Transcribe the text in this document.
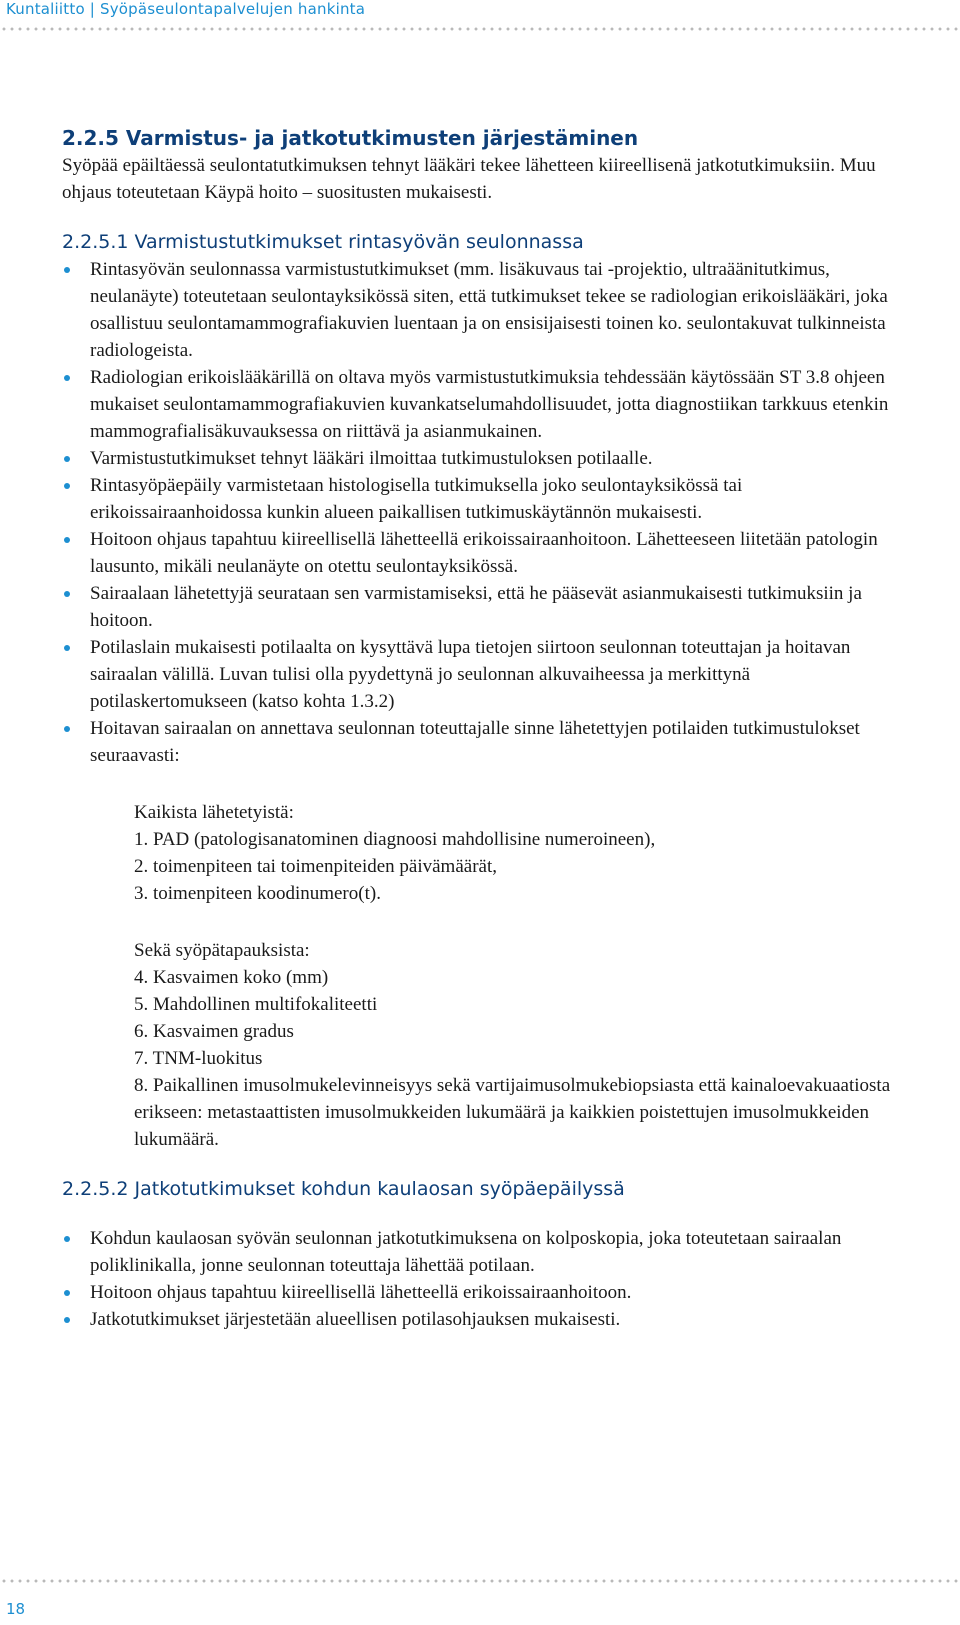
Kuntaliitto | Syöpäseulontapalvelujen hankinta
2.2.5 Varmistus- ja jatkotutkimusten järjestäminen

Syöpää epäiltäessä seulontatutkimuksen tehnyt lääkäri tekee lähetteen kiireellisenä jatkotutkimuksiin. Muu ohjaus toteutetaan Käypä hoito – suositusten mukaisesti.

2.2.5.1 Varmistustutkimukset rintasyövän seulonnassa
Rintasyövän seulonnassa varmistustutkimukset (mm. lisäkuvaus tai -projektio, ultraäänitutkimus, neulanäyte) toteutetaan seulontayksikössä siten, että tutkimukset tekee se radiologian erikoislääkäri, joka osallistuu seulontamammografiakuvien luentaan ja on ensisijaisesti toinen ko. seulontakuvat tulkinneista radiologeista.
Radiologian erikoislääkärillä on oltava myös varmistustutkimuksia tehdessään käytössään ST 3.8 ohjeen mukaiset seulontamammografiakuvien kuvankatselumahdollisuudet, jotta diagnostiikan tarkkuus etenkin mammografialisäkuvauksessa on riittävä ja asianmukainen.
Varmistustutkimukset tehnyt lääkäri ilmoittaa tutkimustuloksen potilaalle.
Rintasyöpäepäily varmistetaan histologisella tutkimuksella joko seulontayksikössä tai erikoissairaanhoidossa kunkin alueen paikallisen tutkimuskäytännön mukaisesti.
Hoitoon ohjaus tapahtuu kiireellisellä lähetteellä erikoissairaanhoitoon. Lähetteeseen liitetään patologin lausunto, mikäli neulanäyte on otettu seulontayksikössä.
Sairaalaan lähetettyjä seurataan sen varmistamiseksi, että he pääsevät asianmukaisesti tutkimuksiin ja hoitoon.
Potilaslain mukaisesti potilaalta on kysyttävä lupa tietojen siirtoon seulonnan toteuttajan ja hoitavan sairaalan välillä. Luvan tulisi olla pyydettynä jo seulonnan alkuvaiheessa ja merkittynä potilaskertomukseen (katso kohta 1.3.2)
Hoitavan sairaalan on annettava seulonnan toteuttajalle sinne lähetettyjen potilaiden tutkimustulokset seuraavasti:

Kaikista lähetetyistä:

1. PAD (patologisanatominen diagnoosi mahdollisine numeroineen),

2. toimenpiteen tai toimenpiteiden päivämäärät,

3. toimenpiteen koodinumero(t).

Sekä syöpätapauksista:

4. Kasvaimen koko (mm)

5. Mahdollinen multifokaliteetti

6. Kasvaimen gradus

7. TNM-luokitus

8. Paikallinen imusolmukelevinneisyys sekä vartijaimusolmukebiopsiasta että kainaloevakuaatiosta erikseen: metastaattisten imusolmukkeiden lukumäärä ja kaikkien poistettujen imusolmukkeiden lukumäärä.

2.2.5.2 Jatkotutkimukset kohdun kaulaosan syöpäepäilyssä
Kohdun kaulaosan syövän seulonnan jatkotutkimuksena on kolposkopia, joka toteutetaan sairaalan poliklinikalla, jonne seulonnan toteuttaja lähettää potilaan.
Hoitoon ohjaus tapahtuu kiireellisellä lähetteellä erikoissairaanhoitoon.
Jatkotutkimukset järjestetään alueellisen potilasohjauksen mukaisesti.
18
